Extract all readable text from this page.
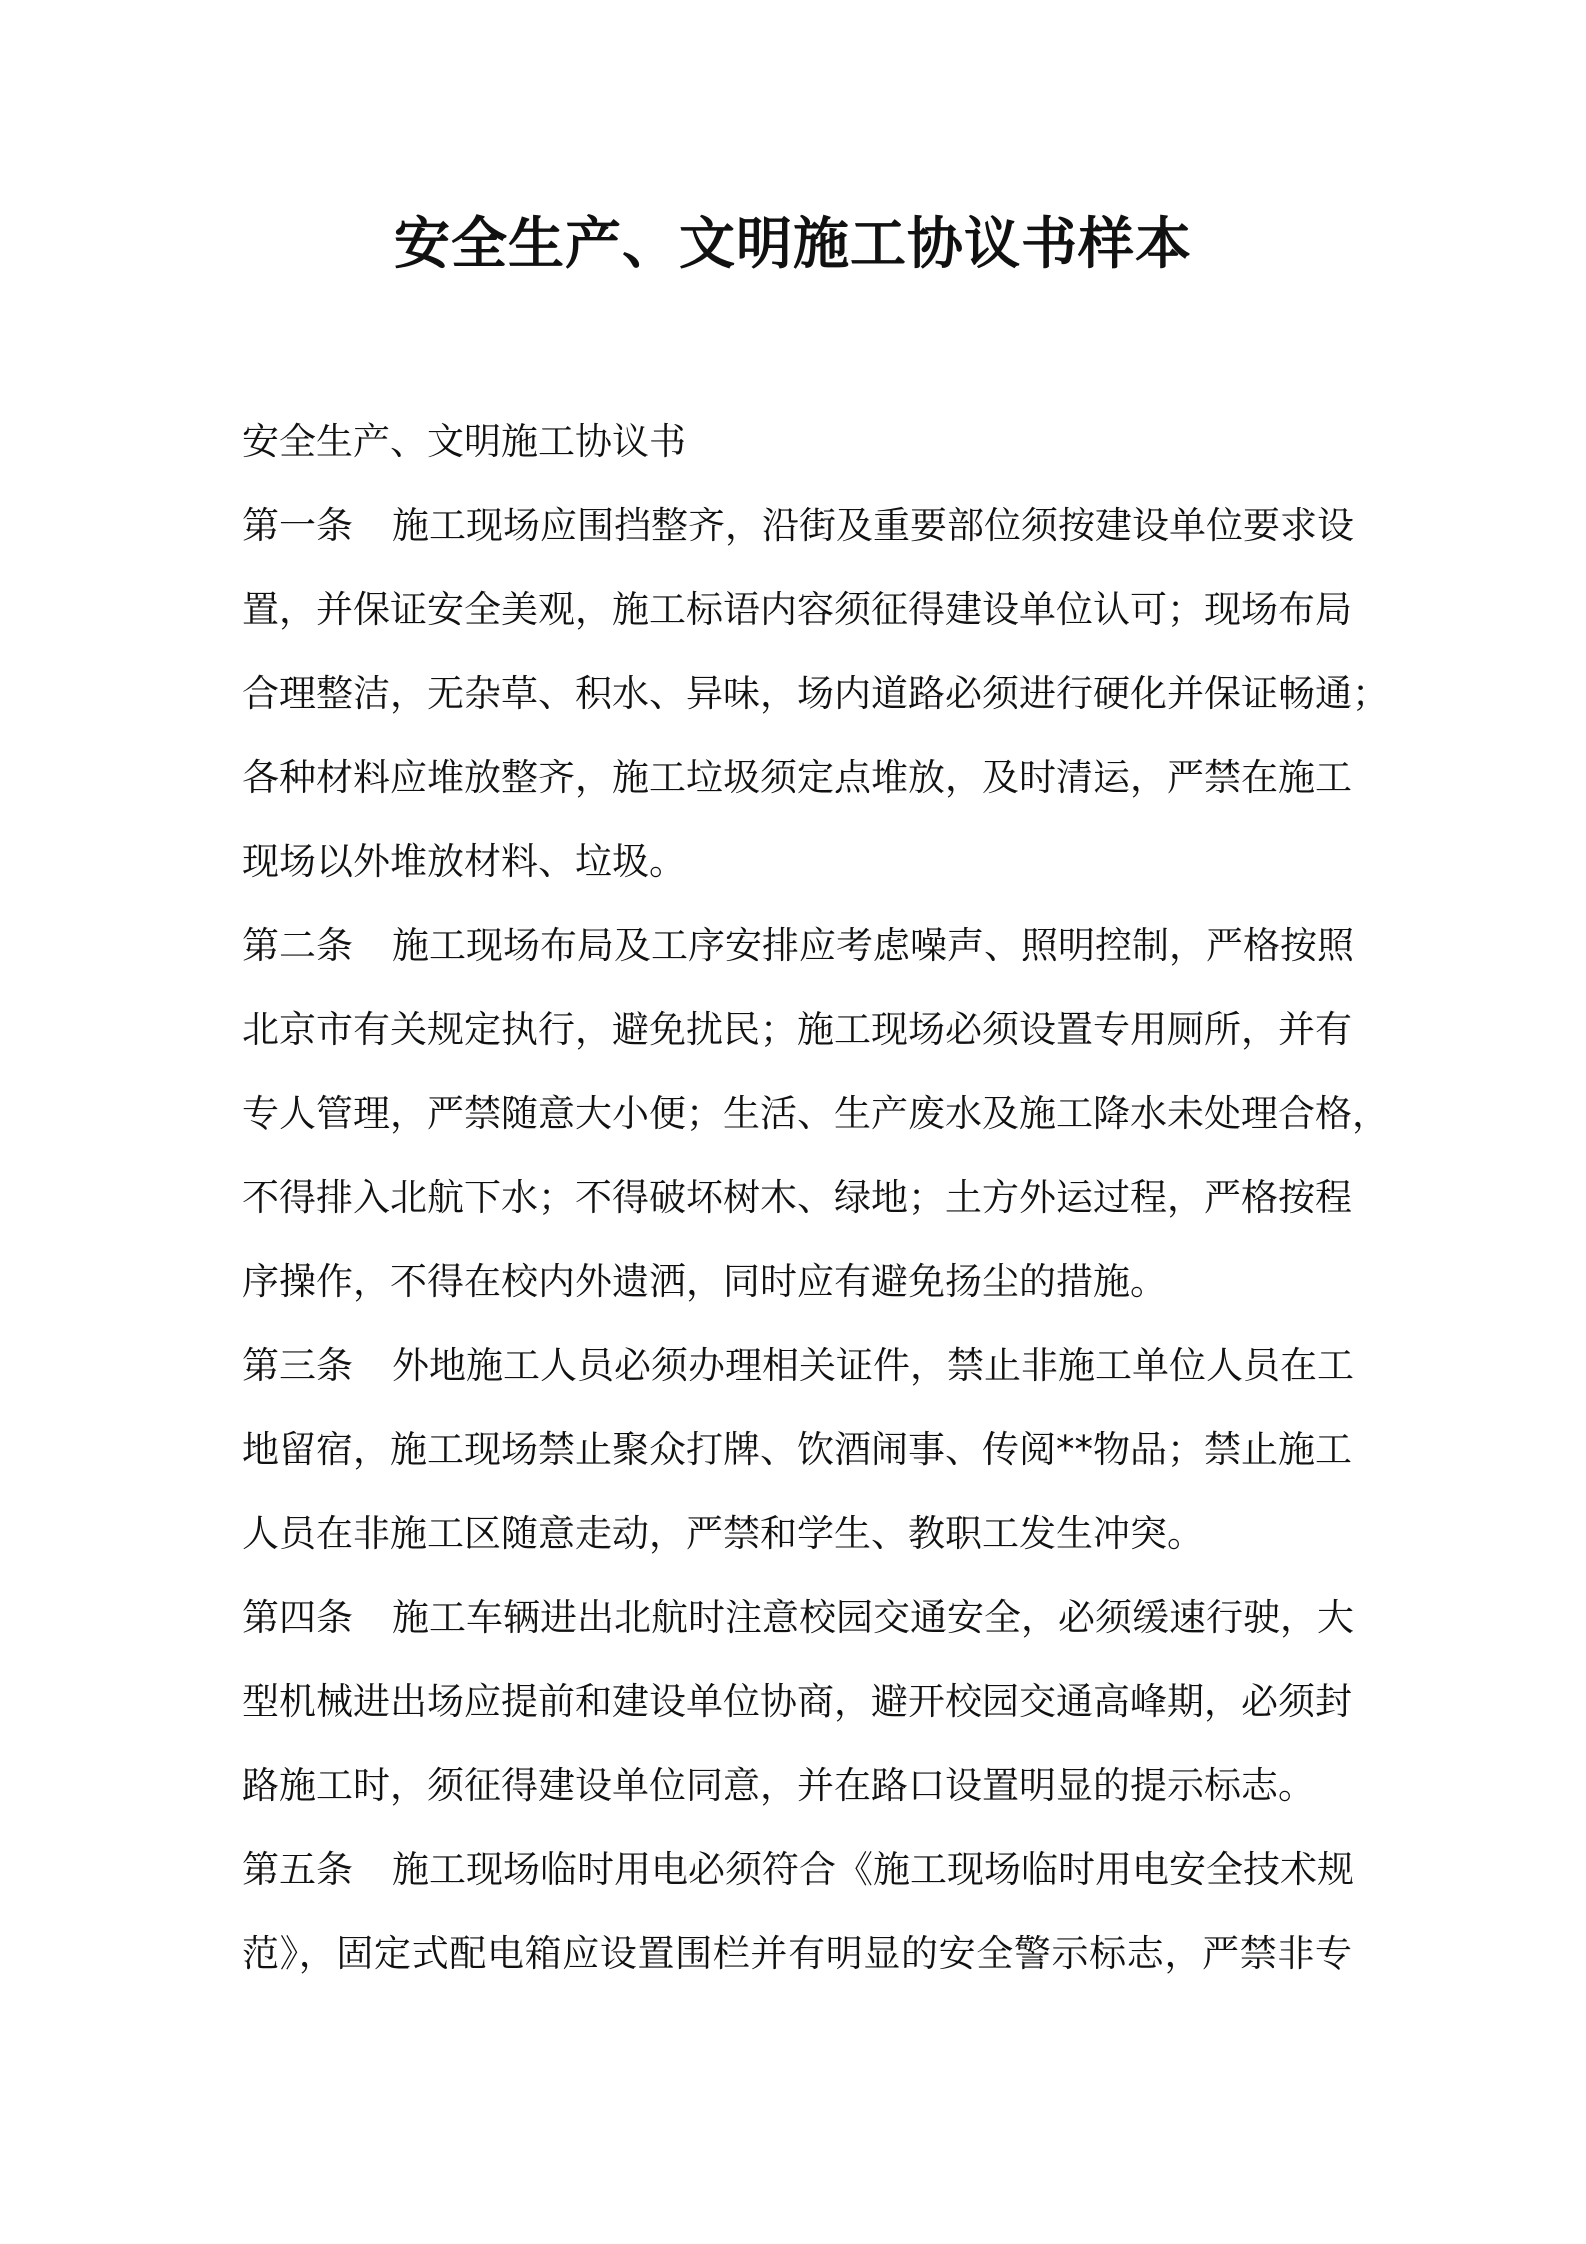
安全生产、文明施工协议书样本

安全生产、文明施工协议书

第一条 施工现场应围挡整齐，沿街及重要部位须按建设单位要求设

置，并保证安全美观，施工标语内容须征得建设单位认可；现场布局

合理整洁，无杂草、积水、异味，场内道路必须进行硬化并保证畅通；

各种材料应堆放整齐，施工垃圾须定点堆放，及时清运，严禁在施工

现场以外堆放材料、垃圾。

第二条 施工现场布局及工序安排应考虑噪声、照明控制，严格按照

北京市有关规定执行，避免扰民；施工现场必须设置专用厕所，并有

专人管理，严禁随意大小便；生活、生产废水及施工降水未处理合格，

不得排入北航下水；不得破坏树木、绿地；土方外运过程，严格按程

序操作，不得在校内外遗洒，同时应有避免扬尘的措施。

第三条 外地施工人员必须办理相关证件，禁止非施工单位人员在工

地留宿，施工现场禁止聚众打牌、饮酒闹事、传阅**物品；禁止施工

人员在非施工区随意走动，严禁和学生、教职工发生冲突。

第四条 施工车辆进出北航时注意校园交通安全，必须缓速行驶，大

型机械进出场应提前和建设单位协商，避开校园交通高峰期，必须封

路施工时，须征得建设单位同意，并在路口设置明显的提示标志。

第五条 施工现场临时用电必须符合《施工现场临时用电安全技术规

范》，固定式配电箱应设置围栏并有明显的安全警示标志，严禁非专
